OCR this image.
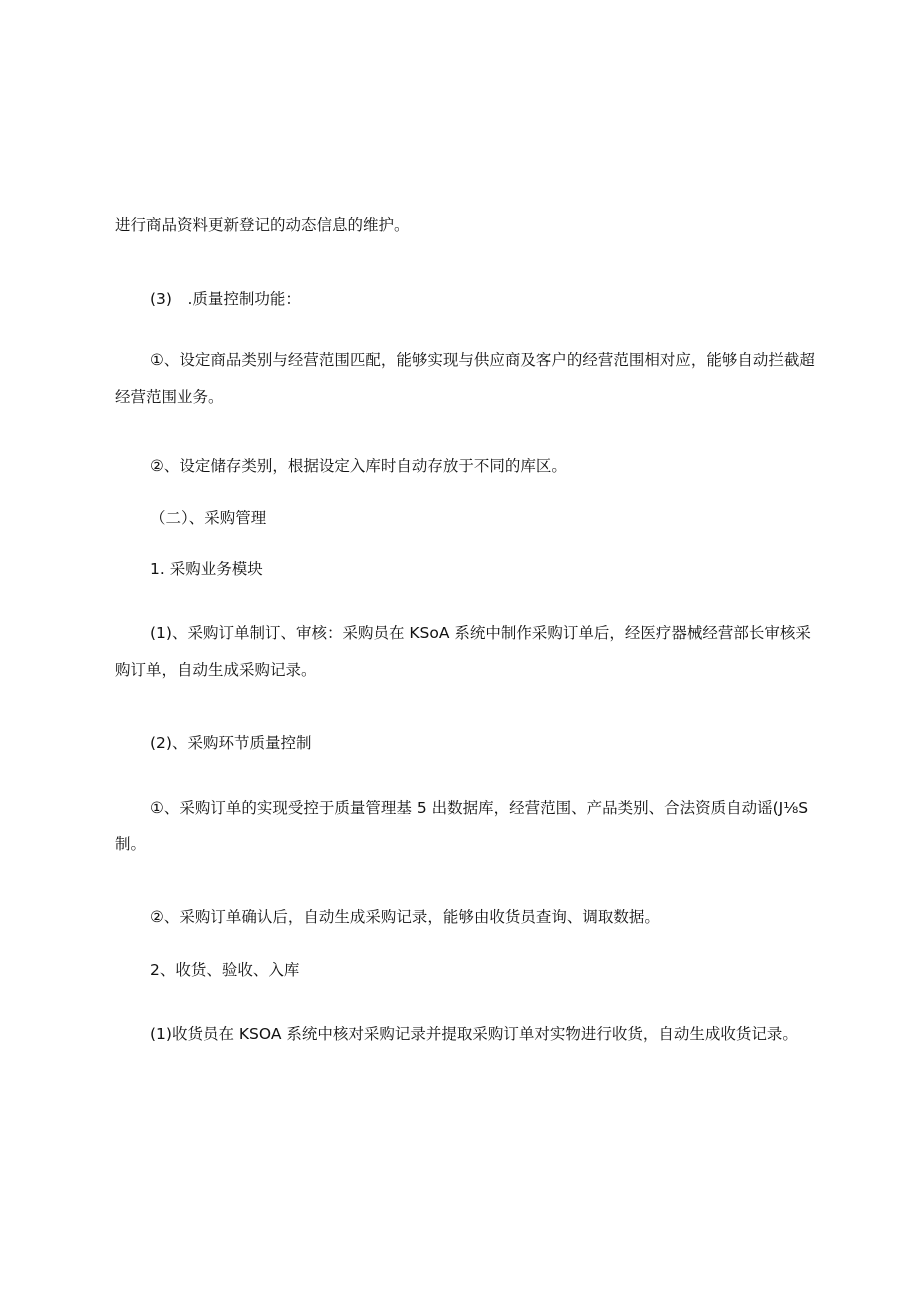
进行商品资料更新登记的动态信息的维护。

(3)　.质量控制功能：

①、设定商品类别与经营范围匹配，能够实现与供应商及客户的经营范围相对应，能够自动拦截超

经营范围业务。

②、设定储存类别，根据设定入库时自动存放于不同的库区。

（二）、采购管理

1. 采购业务模块

(1)、采购订单制订、审核：采购员在 KSoA 系统中制作采购订单后，经医疗器械经营部长审核采

购订单，自动生成采购记录。

(2)、采购环节质量控制

①、采购订单的实现受控于质量管理基 5 出数据库，经营范围、产品类别、合法资质自动谣(J⅛S

制。

②、采购订单确认后，自动生成采购记录，能够由收货员查询、调取数据。

2、收货、验收、入库

(1)收货员在 KSOA 系统中核对采购记录并提取采购订单对实物进行收货，自动生成收货记录。
